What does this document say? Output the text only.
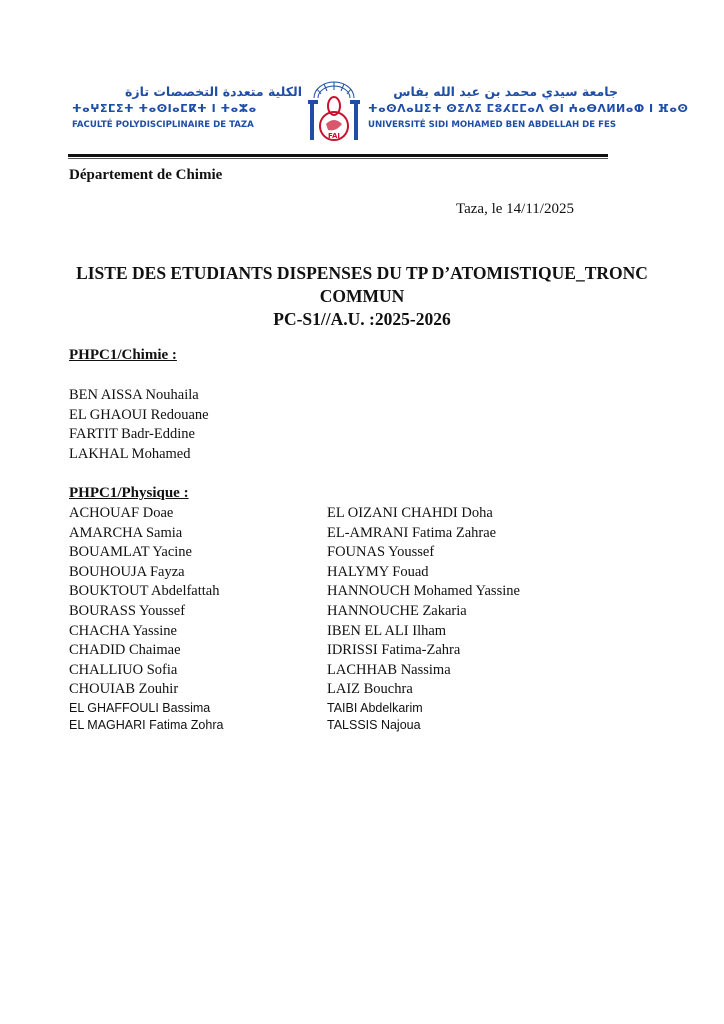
الكلية متعددة التخصصات تازة
ⵜⴰⵖⵉⵎⵉⵜ ⵜⴰⵙⵏⴰⵎⴽⵜ ⵏ ⵜⴰⵣⴰ
FACULTÉ POLYDISCIPLINAIRE DE TAZA
FAI
جامعة سيدي محمد بن عبد الله بفاس
ⵜⴰⵙⴷⴰⵡⵉⵜ ⵙⵉⴷⵉ ⵎⵓⵃⵎⵎⴰⴷ ⴱⵏ ⵄⴰⴱⴷⵍⵍⴰⵀ ⵏ ⴼⴰⵙ
UNIVERSITÉ SIDI MOHAMED BEN ABDELLAH DE FES
Département de Chimie
Taza, le 14/11/2025
LISTE DES ETUDIANTS DISPENSES DU TP D’ATOMISTIQUE_TRONC COMMUN
PC-S1//A.U. :2025-2026
PHPC1/Chimie :
BEN AISSA Nouhaila
EL GHAOUI Redouane
FARTIT Badr-Eddine
LAKHAL Mohamed
PHPC1/Physique :
ACHOUAF Doae
AMARCHA Samia
BOUAMLAT Yacine
BOUHOUJA Fayza
BOUKTOUT Abdelfattah
BOURASS Youssef
CHACHA Yassine
CHADID Chaimae
CHALLIUO Sofia
CHOUIAB Zouhir
EL GHAFFOULI Bassima
EL MAGHARI Fatima Zohra
EL OIZANI CHAHDI Doha
EL-AMRANI Fatima Zahrae
FOUNAS Youssef
HALYMY Fouad
HANNOUCH Mohamed Yassine
HANNOUCHE Zakaria
IBEN EL ALI Ilham
IDRISSI Fatima-Zahra
LACHHAB Nassima
LAIZ Bouchra
TAIBI Abdelkarim
TALSSIS Najoua
